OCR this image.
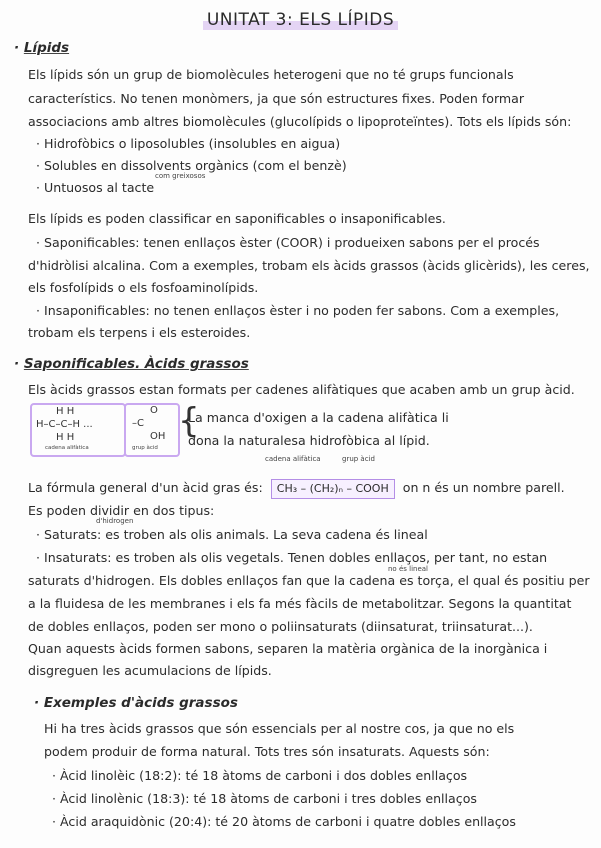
UNITAT 3: ELS LÍPIDS
· Lípids
Els lípids són un grup de biomolècules heterogeni que no té grups funcionals
característics. No tenen monòmers, ja que són estructures fixes. Poden formar
associacions amb altres biomolècules (glucolípids o lipoproteïntes). Tots els lípids són:
· Hidrofòbics o liposolubles (insolubles en aigua)
· Solubles en dissolvents orgànics (com el benzè)
· Untuosos al tacte
com greixosos
Els lípids es poden classificar en saponificables o insaponificables.
· Saponificables: tenen enllaços èster (COOR) i produeixen sabons per el procés
d'hidròlisi alcalina. Com a exemples, trobam els àcids grassos (àcids glicèrids), les ceres,
els fosfolípids o els fosfoaminolípids.
· Insaponificables: no tenen enllaços èster i no poden fer sabons. Com a exemples,
trobam els terpens i els esteroides.
· Saponificables. Àcids grassos
Els àcids grassos estan formats per cadenes alifàtiques que acaben amb un grup àcid.
H H
H–C–C–H ...
H H
cadena alifàtica
O
–C
OH
grup àcid
{
La manca d'oxigen a la cadena alifàtica li
dona la naturalesa hidrofòbica al lípid.
cadena alifàtica	grup àcid
La fórmula general d'un àcid gras és: CH₃ – (CH₂)ₙ – COOH on n és un nombre parell.
Es poden dividir en dos tipus:
d'hidrogen
· Saturats: es troben als olis animals. La seva cadena és lineal
· Insaturats: es troben als olis vegetals. Tenen dobles enllaços, per tant, no estan
no és lineal
saturats d'hidrogen. Els dobles enllaços fan que la cadena es torça, el qual és positiu per
a la fluidesa de les membranes i els fa més fàcils de metabolitzar. Segons la quantitat
de dobles enllaços, poden ser mono o poliinsaturats (diinsaturat, triinsaturat...).
Quan aquests àcids formen sabons, separen la matèria orgànica de la inorgànica i
disgreguen les acumulacions de lípids.
· Exemples d'àcids grassos
Hi ha tres àcids grassos que són essencials per al nostre cos, ja que no els
podem produir de forma natural. Tots tres són insaturats. Aquests són:
· Àcid linolèic (18:2): té 18 àtoms de carboni i dos dobles enllaços
· Àcid linolènic (18:3): té 18 àtoms de carboni i tres dobles enllaços
· Àcid araquidònic (20:4): té 20 àtoms de carboni i quatre dobles enllaços
